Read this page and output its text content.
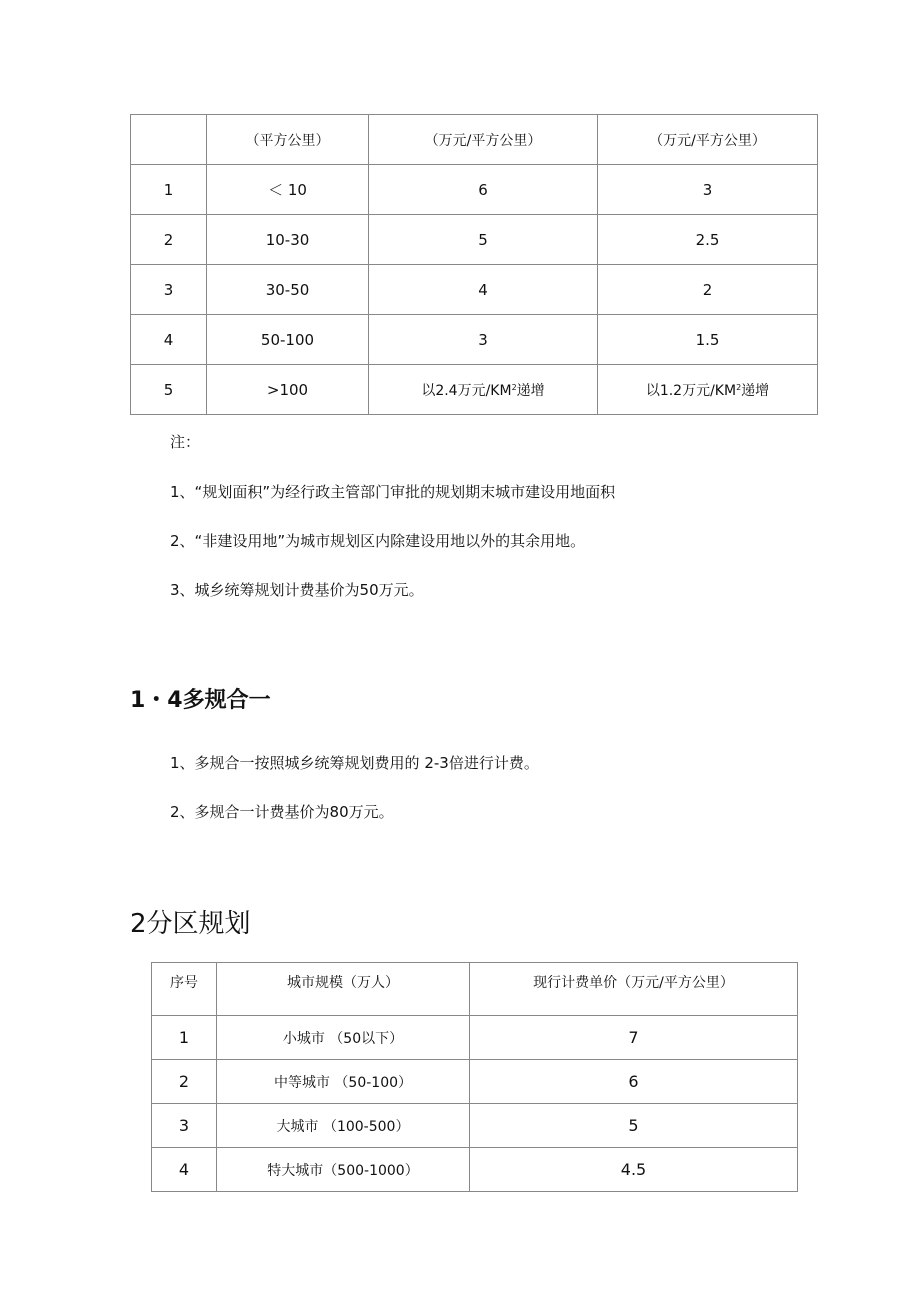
	（平方公里）	（万元/平方公里）	（万元/平方公里）
1	＜ 10	6	3
2	10-30	5	2.5
3	30-50	4	2
4	50-100	3	1.5
5	>100	以2.4万元$/KM^2$递增	以1.2万元$/KM^2$递增
注：
1、“规划面积”为经行政主管部门审批的规划期末城市建设用地面积
2、“非建设用地”为城市规划区内除建设用地以外的其余用地。
3、城乡统筹规划计费基价为50万元。
1・4多规合一
1、多规合一按照城乡统筹规划费用的 2-3倍进行计费。
2、多规合一计费基价为80万元。
2分区规划
序号	城市规模（万人）	现行计费单价（万元/平方公里）
1	小城市 （50以下）	7
2	中等城市 （50-100）	6
3	大城市 （100-500）	5
4	特大城市（500-1000）	4.5
